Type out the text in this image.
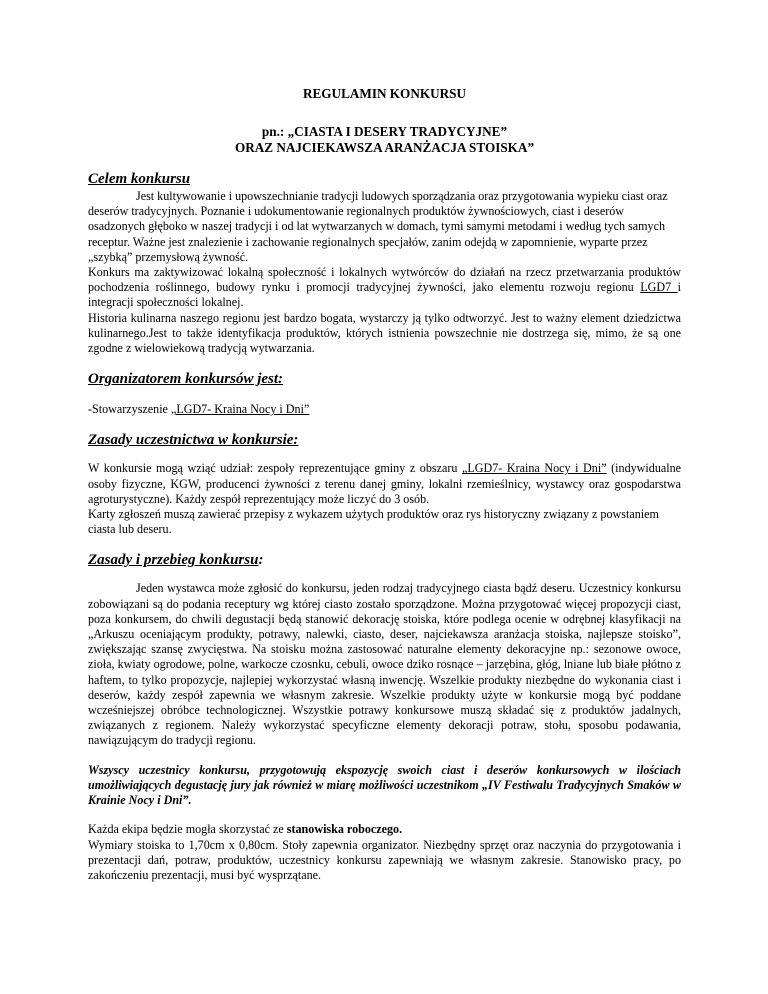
REGULAMIN KONKURSU

pn.: „CIASTA I DESERY TRADYCYJNE”

ORAZ NAJCIEKAWSZA ARANŻACJA STOISKA”

Celem konkursu

Jest kultywowanie i upowszechnianie tradycji ludowych sporządzania oraz przygotowania wypieku ciast oraz deserów tradycyjnych. Poznanie i udokumentowanie regionalnych produktów żywnościowych, ciast i deserów osadzonych głęboko w naszej tradycji i od lat wytwarzanych w domach, tymi samymi metodami i według tych samych receptur. Ważne jest znalezienie i zachowanie regionalnych specjałów, zanim odejdą w zapomnienie, wyparte przez „szybką” przemysłową żywność.

Konkurs ma zaktywizować lokalną społeczność i lokalnych wytwórców do działań na rzecz przetwarzania produktów pochodzenia roślinnego, budowy rynku i promocji tradycyjnej żywności, jako elementu rozwoju regionu LGD7 i integracji społeczności lokalnej.

Historia kulinarna naszego regionu jest bardzo bogata, wystarczy ją tylko odtworzyć. Jest to ważny element dziedzictwa kulinarnego.Jest to także identyfikacja produktów, których istnienia powszechnie nie dostrzega się, mimo, że są one zgodne z wielowiekową tradycją wytwarzania.

Organizatorem konkursów jest:

-Stowarzyszenie „LGD7- Kraina Nocy i Dni”

Zasady uczestnictwa w konkursie:

W konkursie mogą wziąć udział: zespoły reprezentujące gminy z obszaru „LGD7- Kraina Nocy i Dni” (indywidualne osoby fizyczne, KGW, producenci żywności z terenu danej gminy, lokalni rzemieślnicy, wystawcy oraz gospodarstwa agroturystyczne). Każdy zespół reprezentujący może liczyć do 3 osób.

Karty zgłoszeń muszą zawierać przepisy z wykazem użytych produktów oraz rys historyczny związany z powstaniem ciasta lub deseru.

Zasady i przebieg konkursu:

Jeden wystawca może zgłosić do konkursu, jeden rodzaj tradycyjnego ciasta bądź deseru. Uczestnicy konkursu zobowiązani są do podania receptury wg której ciasto zostało sporządzone. Można przygotować więcej propozycji ciast, poza konkursem, do chwili degustacji będą stanowić dekorację stoiska, które podlega ocenie w odrębnej klasyfikacji na „Arkuszu oceniającym produkty, potrawy, nalewki, ciasto, deser, najciekawsza aranżacja stoiska, najlepsze stoisko”, zwiększając szansę zwycięstwa. Na stoisku można zastosować naturalne elementy dekoracyjne np.: sezonowe owoce, zioła, kwiaty ogrodowe, polne, warkocze czosnku, cebuli, owoce dziko rosnące – jarzębina, głóg, lniane lub białe płótno z haftem, to tylko propozycje, najlepiej wykorzystać własną inwencję. Wszelkie produkty niezbędne do wykonania ciast i deserów, każdy zespół zapewnia we własnym zakresie. Wszelkie produkty użyte w konkursie mogą być poddane wcześniejszej obróbce technologicznej. Wszystkie potrawy konkursowe muszą składać się z produktów jadalnych, związanych z regionem. Należy wykorzystać specyficzne elementy dekoracji potraw, stołu, sposobu podawania, nawiązującym do tradycji regionu.

Wszyscy uczestnicy konkursu, przygotowują ekspozycję swoich ciast i deserów konkursowych w ilościach umożliwiających degustację jury jak również w miarę możliwości uczestnikom „IV Festiwalu Tradycyjnych Smaków w Krainie Nocy i Dni”.

Każda ekipa będzie mogła skorzystać ze stanowiska roboczego.

Wymiary stoiska to 1,70cm x 0,80cm. Stoły zapewnia organizator. Niezbędny sprzęt oraz naczynia do przygotowania i prezentacji dań, potraw, produktów, uczestnicy konkursu zapewniają we własnym zakresie. Stanowisko pracy, po zakończeniu prezentacji, musi być wysprzątane.
